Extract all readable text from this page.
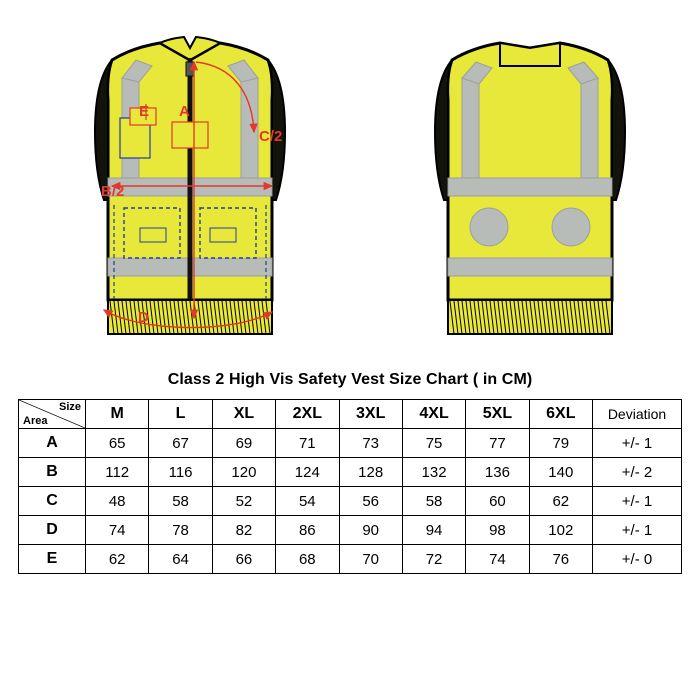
A
B/2
C/2
D
E
Class 2 High Vis Safety Vest Size Chart ( in CM)
Size
Area	M	L	XL	2XL	3XL	4XL	5XL	6XL	Deviation
A	65	67	69	71	73	75	77	79	+/- 1
B	112	116	120	124	128	132	136	140	+/- 2
C	48	58	52	54	56	58	60	62	+/- 1
D	74	78	82	86	90	94	98	102	+/- 1
E	62	64	66	68	70	72	74	76	+/- 0
